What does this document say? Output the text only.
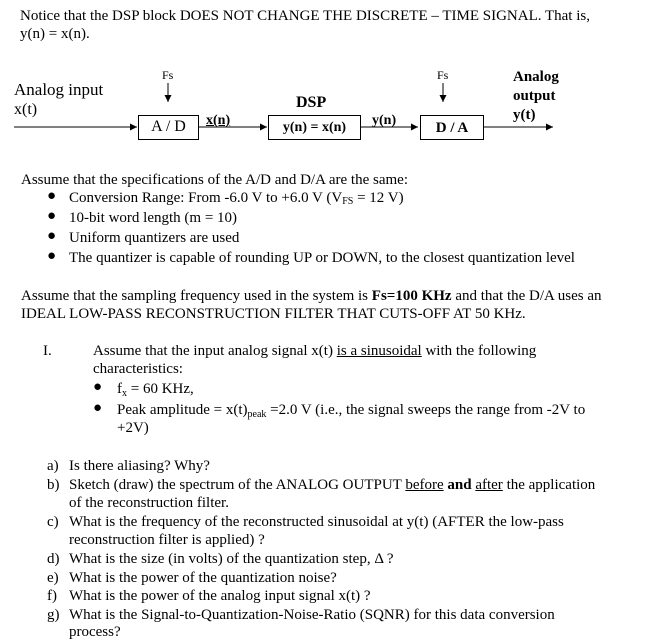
Notice that the DSP block DOES NOT CHANGE THE DISCRETE – TIME SIGNAL. That is,
y(n) = x(n).
Analog input
x(t)
Fs	Fs
A / D	x(n)
DSP
y(n) = x(n)	y(n)	D / A
Analog
output
y(t)
Assume that the specifications of the A/D and D/A are the same:
● Conversion Range: From -6.0 V to +6.0 V (VFS = 12 V)
● 10-bit word length (m = 10)
● Uniform quantizers are used
● The quantizer is capable of rounding UP or DOWN, to the closest quantization level
Assume that the sampling frequency used in the system is Fs=100 KHz and that the D/A uses an
IDEAL LOW-PASS RECONSTRUCTION FILTER THAT CUTS-OFF AT 50 KHz.
I.	Assume that the input analog signal x(t) is a sinusoidal with the following
characteristics:
● $f_x = 60$ KHz,
● Peak amplitude = $x(t)_{peak} =2.0$ V (i.e., the signal sweeps the range from -2V to
+2V)
a) Is there aliasing? Why?
b) Sketch (draw) the spectrum of the ANALOG OUTPUT before and after the application
of the reconstruction filter.
c) What is the frequency of the reconstructed sinusoidal at y(t) (AFTER the low-pass
reconstruction filter is applied) ?
d) What is the size (in volts) of the quantization step, Δ ?
e) What is the power of the quantization noise?
f) What is the power of the analog input signal x(t) ?
g) What is the Signal-to-Quantization-Noise-Ratio (SQNR) for this data conversion
process?
